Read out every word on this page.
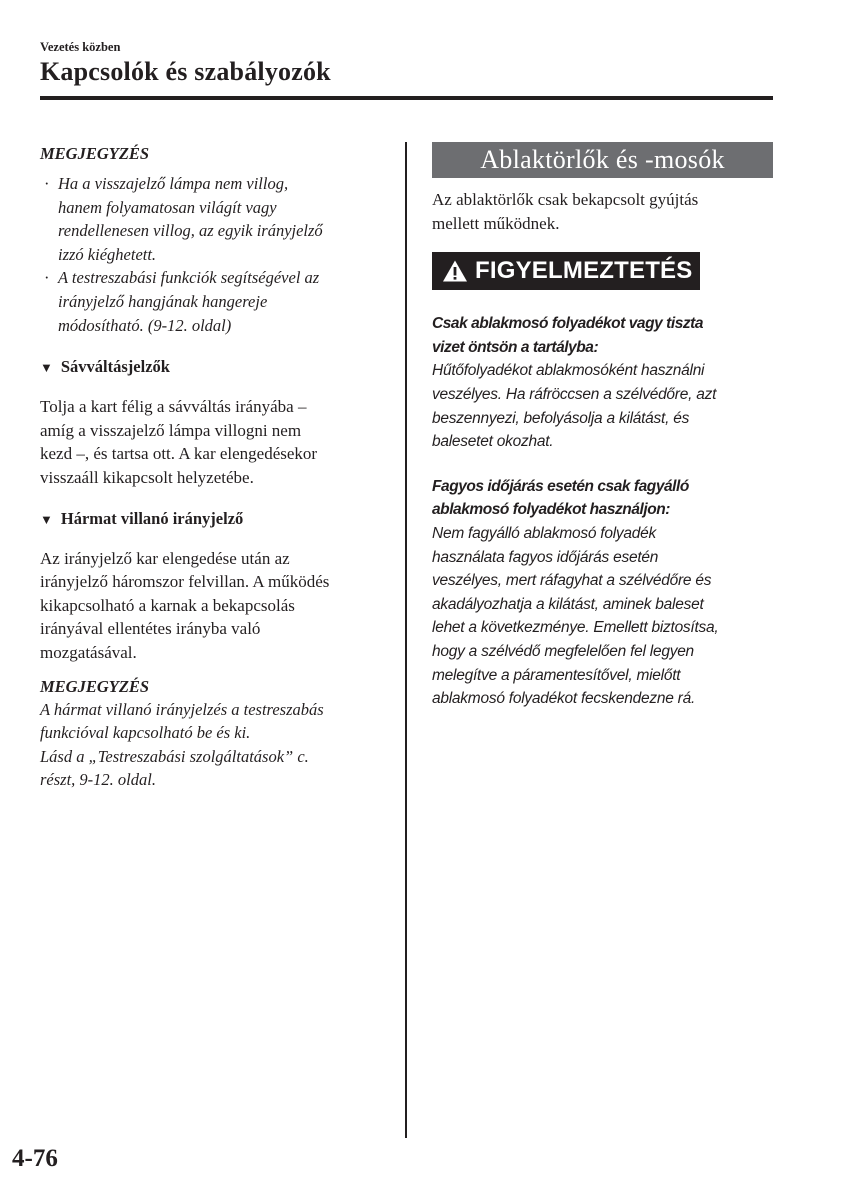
Vezetés közben
Kapcsolók és szabályozók

MEGJEGYZÉS

· Ha a visszajelző lámpa nem villog,
hanem folyamatosan világít vagy
rendellenesen villog, az egyik irányjelző
izzó kiéghetett.
· A testreszabási funkciók segítségével az
irányjelző hangjának hangereje
módosítható. (9-12. oldal)
▼ Sávváltásjelzők

Tolja a kart félig a sávváltás irányába –

amíg a visszajelző lámpa villogni nem

kezd –, és tartsa ott. A kar elengedésekor

visszaáll kikapcsolt helyzetébe.

▼ Hármat villanó irányjelző

Az irányjelző kar elengedése után az

irányjelző háromszor felvillan. A működés

kikapcsolható a karnak a bekapcsolás

irányával ellentétes irányba való

mozgatásával.

MEGJEGYZÉS

A hármat villanó irányjelzés a testreszabás

funkcióval kapcsolható be és ki.

Lásd a „Testreszabási szolgáltatások” c.

részt, 9-12. oldal.

Ablaktörlők és -mosók

Az ablaktörlők csak bekapcsolt gyújtás

mellett működnek.

FIGYELMEZTETÉS

Csak ablakmosó folyadékot vagy tiszta

vizet öntsön a tartályba:

Hűtőfolyadékot ablakmosóként használni

veszélyes. Ha ráfröccsen a szélvédőre, azt

beszennyezi, befolyásolja a kilátást, és

balesetet okozhat.

Fagyos időjárás esetén csak fagyálló

ablakmosó folyadékot használjon:

Nem fagyálló ablakmosó folyadék

használata fagyos időjárás esetén

veszélyes, mert ráfagyhat a szélvédőre és

akadályozhatja a kilátást, aminek baleset

lehet a következménye. Emellett biztosítsa,

hogy a szélvédő megfelelően fel legyen

melegítve a páramentesítővel, mielőtt

ablakmosó folyadékot fecskendezne rá.

4-76
